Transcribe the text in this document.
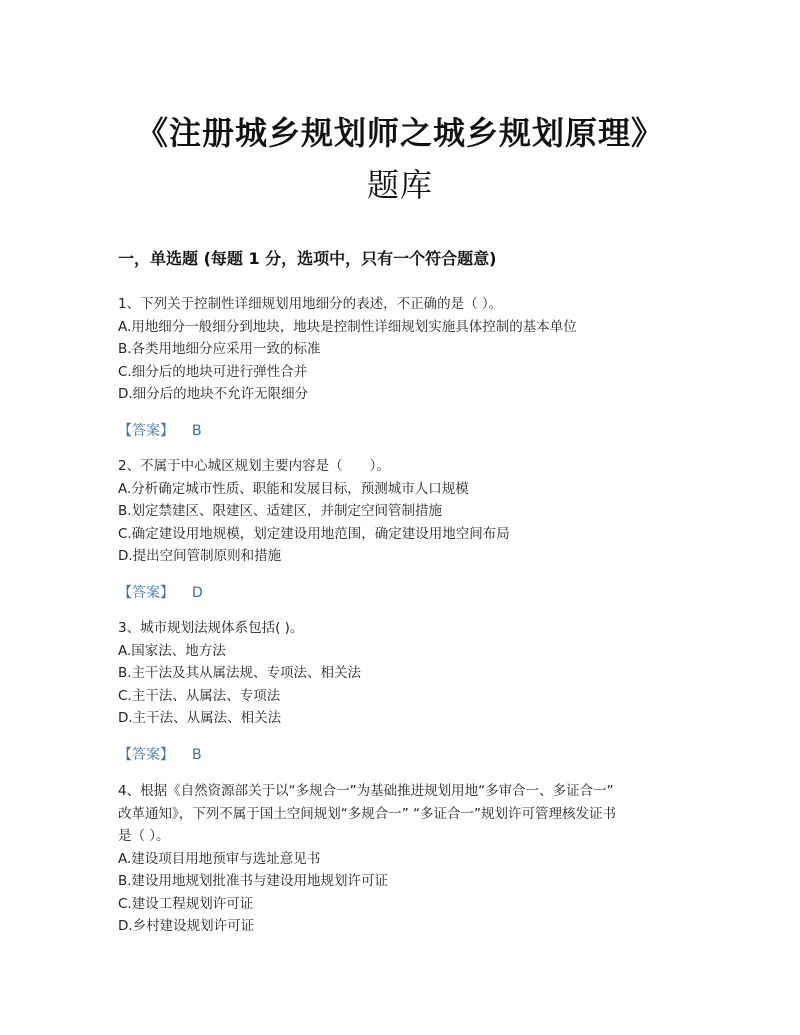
《注册城乡规划师之城乡规划原理》
题库
一，单选题 (每题 1 分，选项中，只有一个符合题意)
1、下列关于控制性详细规划用地细分的表述，不正确的是（ ）。
A.用地细分一般细分到地块，地块是控制性详细规划实施具体控制的基本单位
B.各类用地细分应采用一致的标准
C.细分后的地块可进行弹性合并
D.细分后的地块不允许无限细分
【答案】 B
2、不属于中心城区规划主要内容是（　　）。
A.分析确定城市性质、职能和发展目标，预测城市人口规模
B.划定禁建区、限建区、适建区，并制定空间管制措施
C.确定建设用地规模，划定建设用地范围，确定建设用地空间布局
D.提出空间管制原则和措施
【答案】 D
3、城市规划法规体系包括( )。
A.国家法、地方法
B.主干法及其从属法规、专项法、相关法
C.主干法、从属法、专项法
D.主干法、从属法、相关法
【答案】 B
4、根据《自然资源部关于以“多规合一”为基础推进规划用地“多审合一、多证合一”
改革通知》，下列不属于国土空间规划“多规合一” “多证合一”规划许可管理核发证书
是（ ）。
A.建设项目用地预审与选址意见书
B.建设用地规划批准书与建设用地规划许可证
C.建设工程规划许可证
D.乡村建设规划许可证
